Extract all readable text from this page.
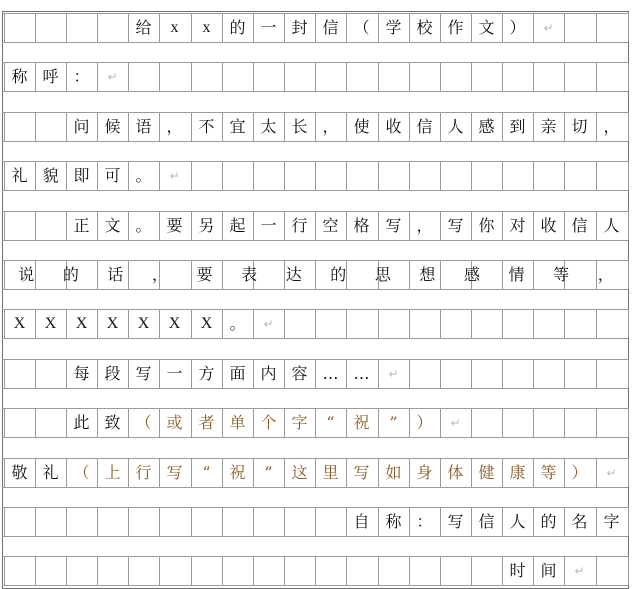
给	x	x	的 一 封 信 （ 学 校 作 文 ）	↵
称 呼 ：	↵
问 候 语 ， 不 宜 太 长 ， 使 收 信 人 感 到 亲 切 ，
礼 貌 即 可 。	↵
正 文 。 要 另 起 一 行 空 格 写 ， 写 你 对 收 信 人
说	的	话	，	要	表	达	的	思	想	感	情	等	，
X	X	X	X	X	X	X	。	↵
每 段 写 一 方 面 内 容 … …	↵
此 致 （ 或 者 单 个 字	“	祝	”	）	↵
敬 礼 （ 上 行 写	“	祝	”	这 里 写 如 身 体 健 康 等 ）	↵
自 称 ： 写 信 人 的 名 字
时 间	↵
